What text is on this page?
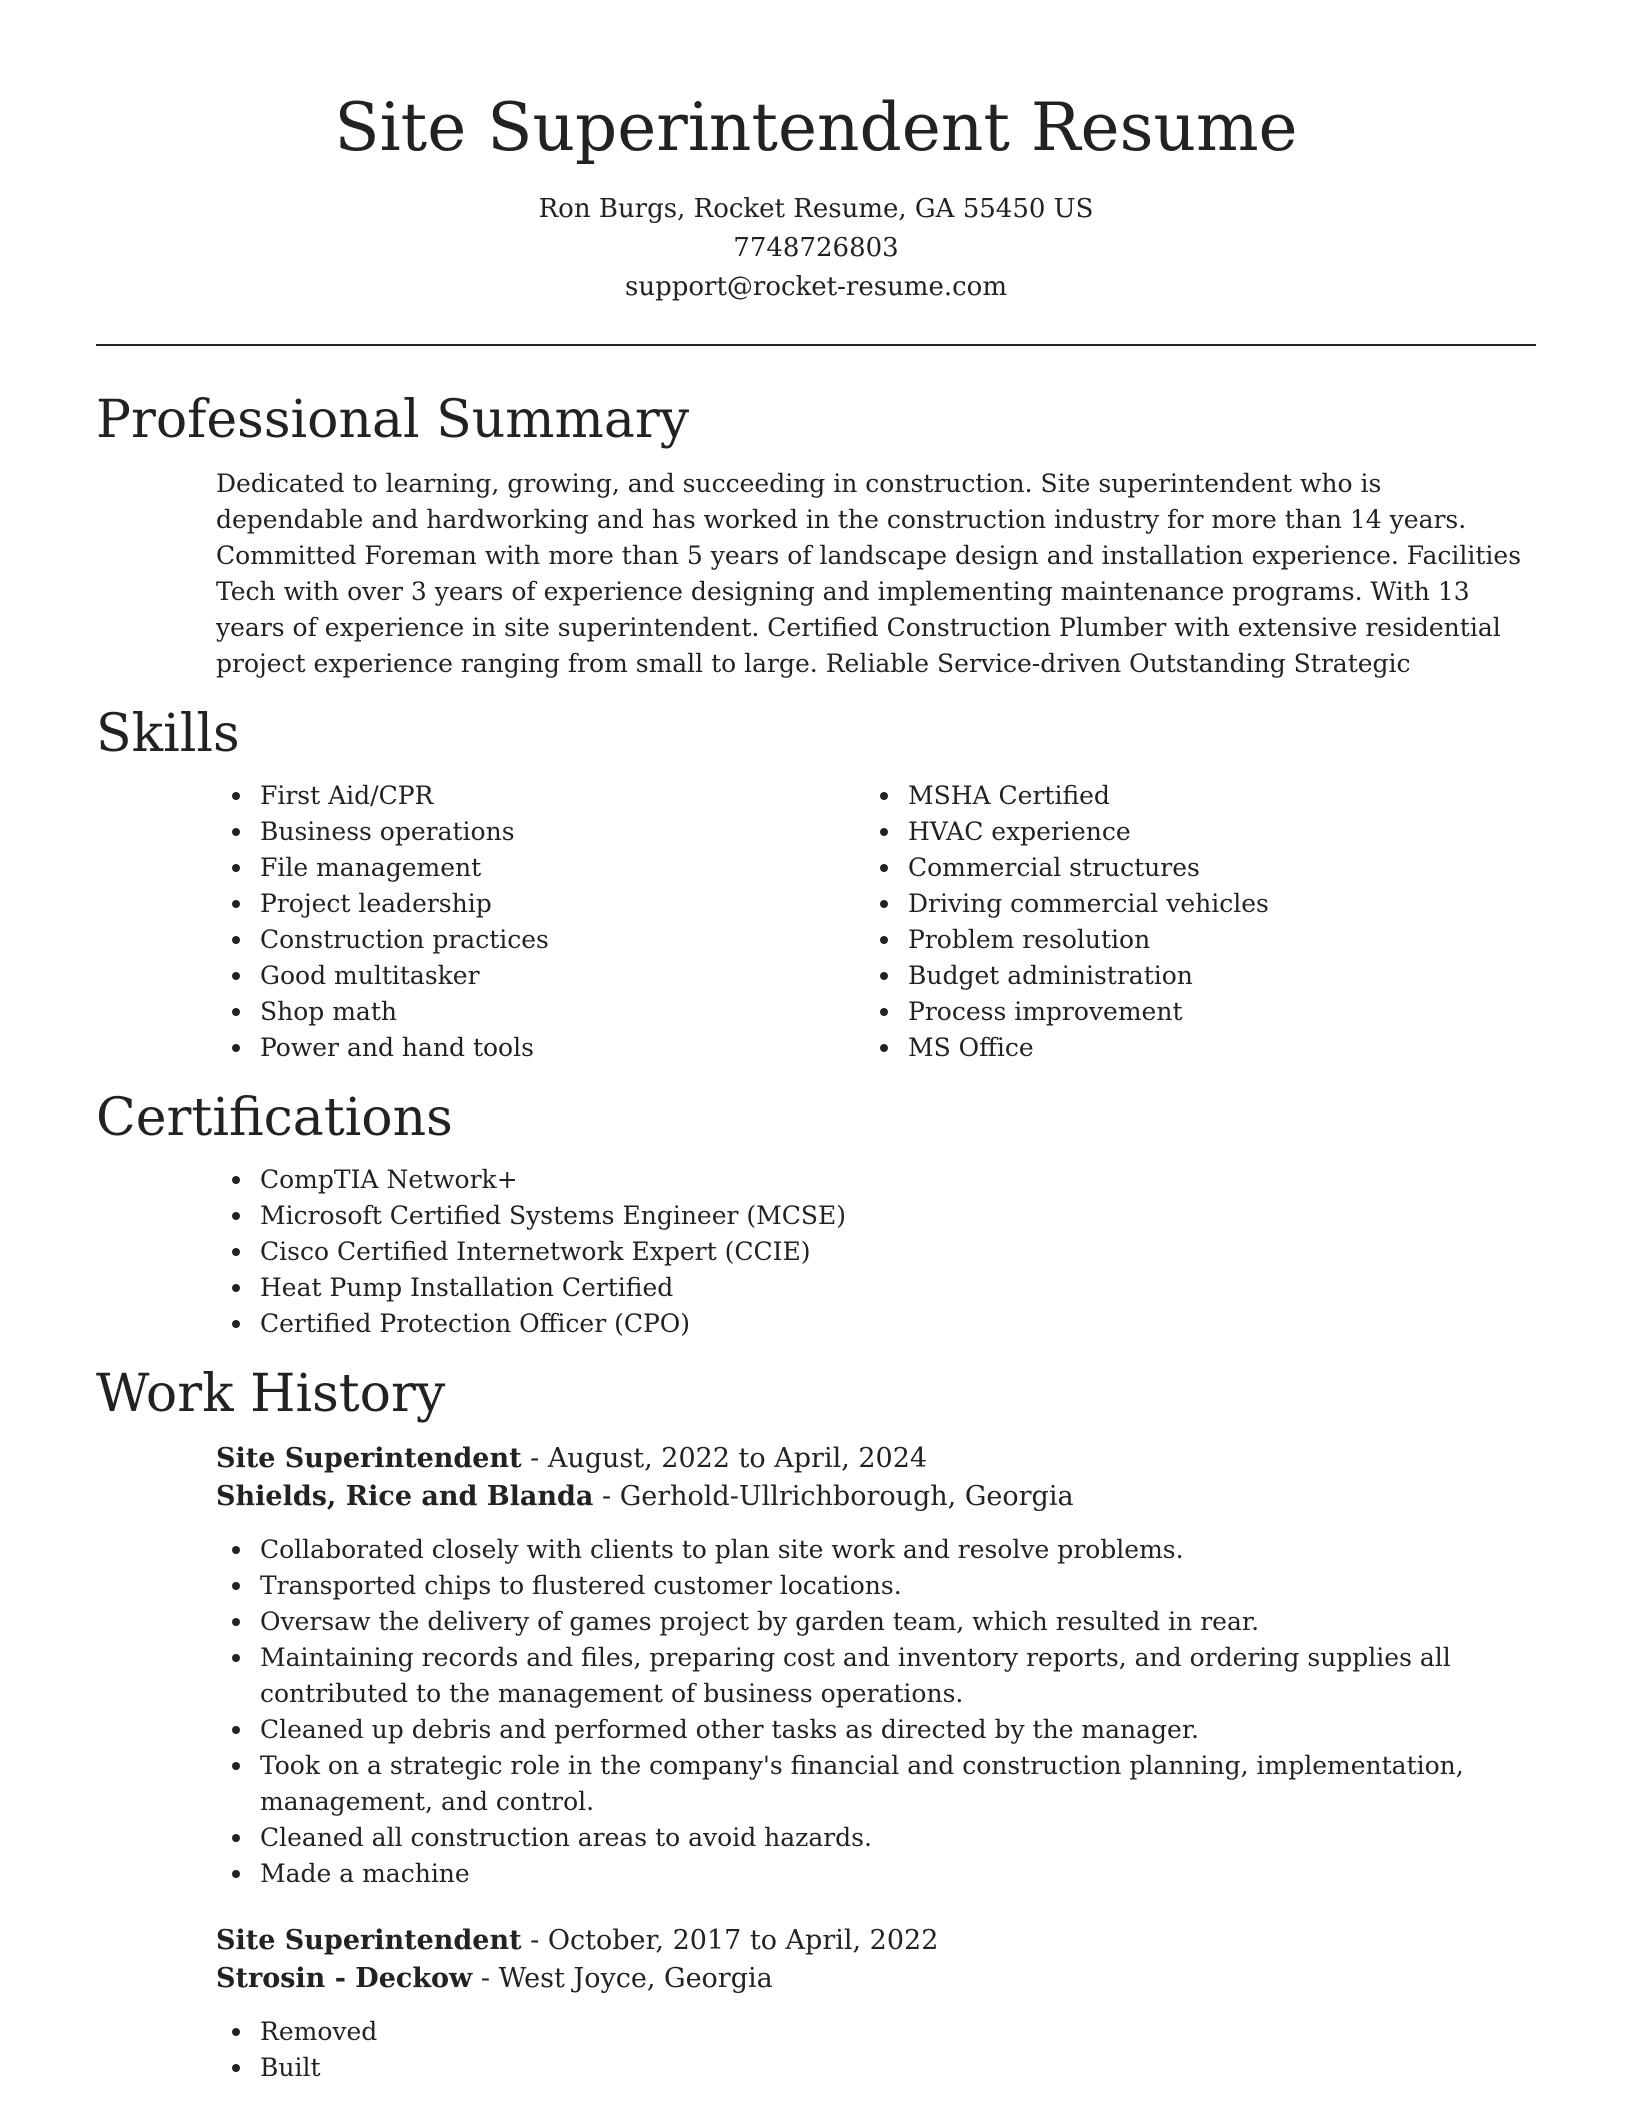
Site Superintendent Resume

Ron Burgs, Rocket Resume, GA 55450 US

7748726803

support@rocket-resume.com

Professional Summary

Dedicated to learning, growing, and succeeding in construction. Site superintendent who is dependable and hardworking and has worked in the construction industry for more than 14 years. Committed Foreman with more than 5 years of landscape design and installation experience. Facilities Tech with over 3 years of experience designing and implementing maintenance programs. With 13 years of experience in site superintendent. Certified Construction Plumber with extensive residential project experience ranging from small to large. Reliable Service-driven Outstanding Strategic

Skills
First Aid/CPR
Business operations
File management
Project leadership
Construction practices
Good multitasker
Shop math
Power and hand tools
MSHA Certified
HVAC experience
Commercial structures
Driving commercial vehicles
Problem resolution
Budget administration
Process improvement
MS Office
Certifications
CompTIA Network+
Microsoft Certified Systems Engineer (MCSE)
Cisco Certified Internetwork Expert (CCIE)
Heat Pump Installation Certified
Certified Protection Officer (CPO)
Work History

Site Superintendent - August, 2022 to April, 2024

Shields, Rice and Blanda - Gerhold-Ullrichborough, Georgia

Collaborated closely with clients to plan site work and resolve problems.
Transported chips to flustered customer locations.
Oversaw the delivery of games project by garden team, which resulted in rear.
Maintaining records and files, preparing cost and inventory reports, and ordering supplies all contributed to the management of business operations.
Cleaned up debris and performed other tasks as directed by the manager.
Took on a strategic role in the company's financial and construction planning, implementation, management, and control.
Cleaned all construction areas to avoid hazards.
Made a machine

Site Superintendent - October, 2017 to April, 2022

Strosin - Deckow - West Joyce, Georgia

Removed
Built
